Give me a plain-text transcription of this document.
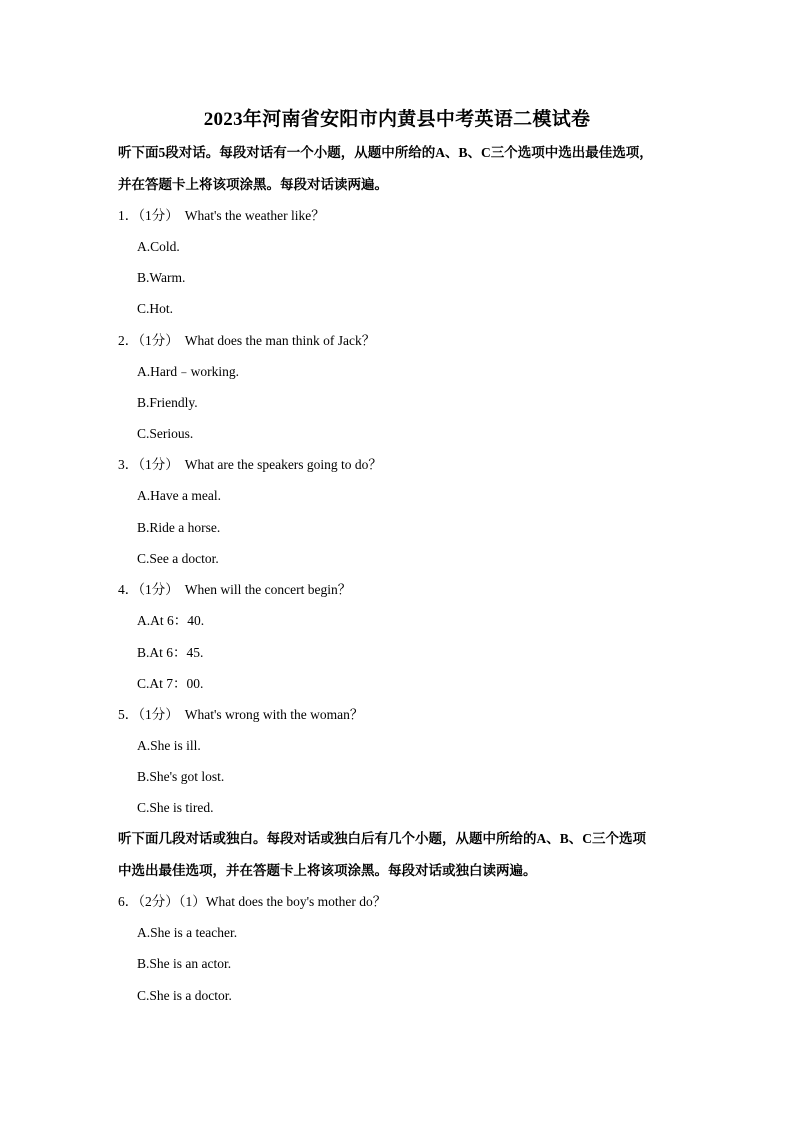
2023年河南省安阳市内黄县中考英语二模试卷
听下面5段对话。每段对话有一个小题，从题中所给的A、B、C三个选项中选出最佳选项，
并在答题卡上将该项涂黑。每段对话读两遍。
1．（1分） What's the weather like？
A.Cold.
B.Warm.
C.Hot.
2．（1分） What does the man think of Jack？
A.Hard﹣working.
B.Friendly.
C.Serious.
3．（1分） What are the speakers going to do？
A.Have a meal.
B.Ride a horse.
C.See a doctor.
4．（1分） When will the concert begin？
A.At 6：40.
B.At 6：45.
C.At 7：00.
5．（1分） What's wrong with the woman？
A.She is ill.
B.She's got lost.
C.She is tired.
听下面几段对话或独白。每段对话或独白后有几个小题，从题中所给的A、B、C三个选项
中选出最佳选项，并在答题卡上将该项涂黑。每段对话或独白读两遍。
6．（2分）（1）What does the boy's mother do？
A.She is a teacher.
B.She is an actor.
C.She is a doctor.
